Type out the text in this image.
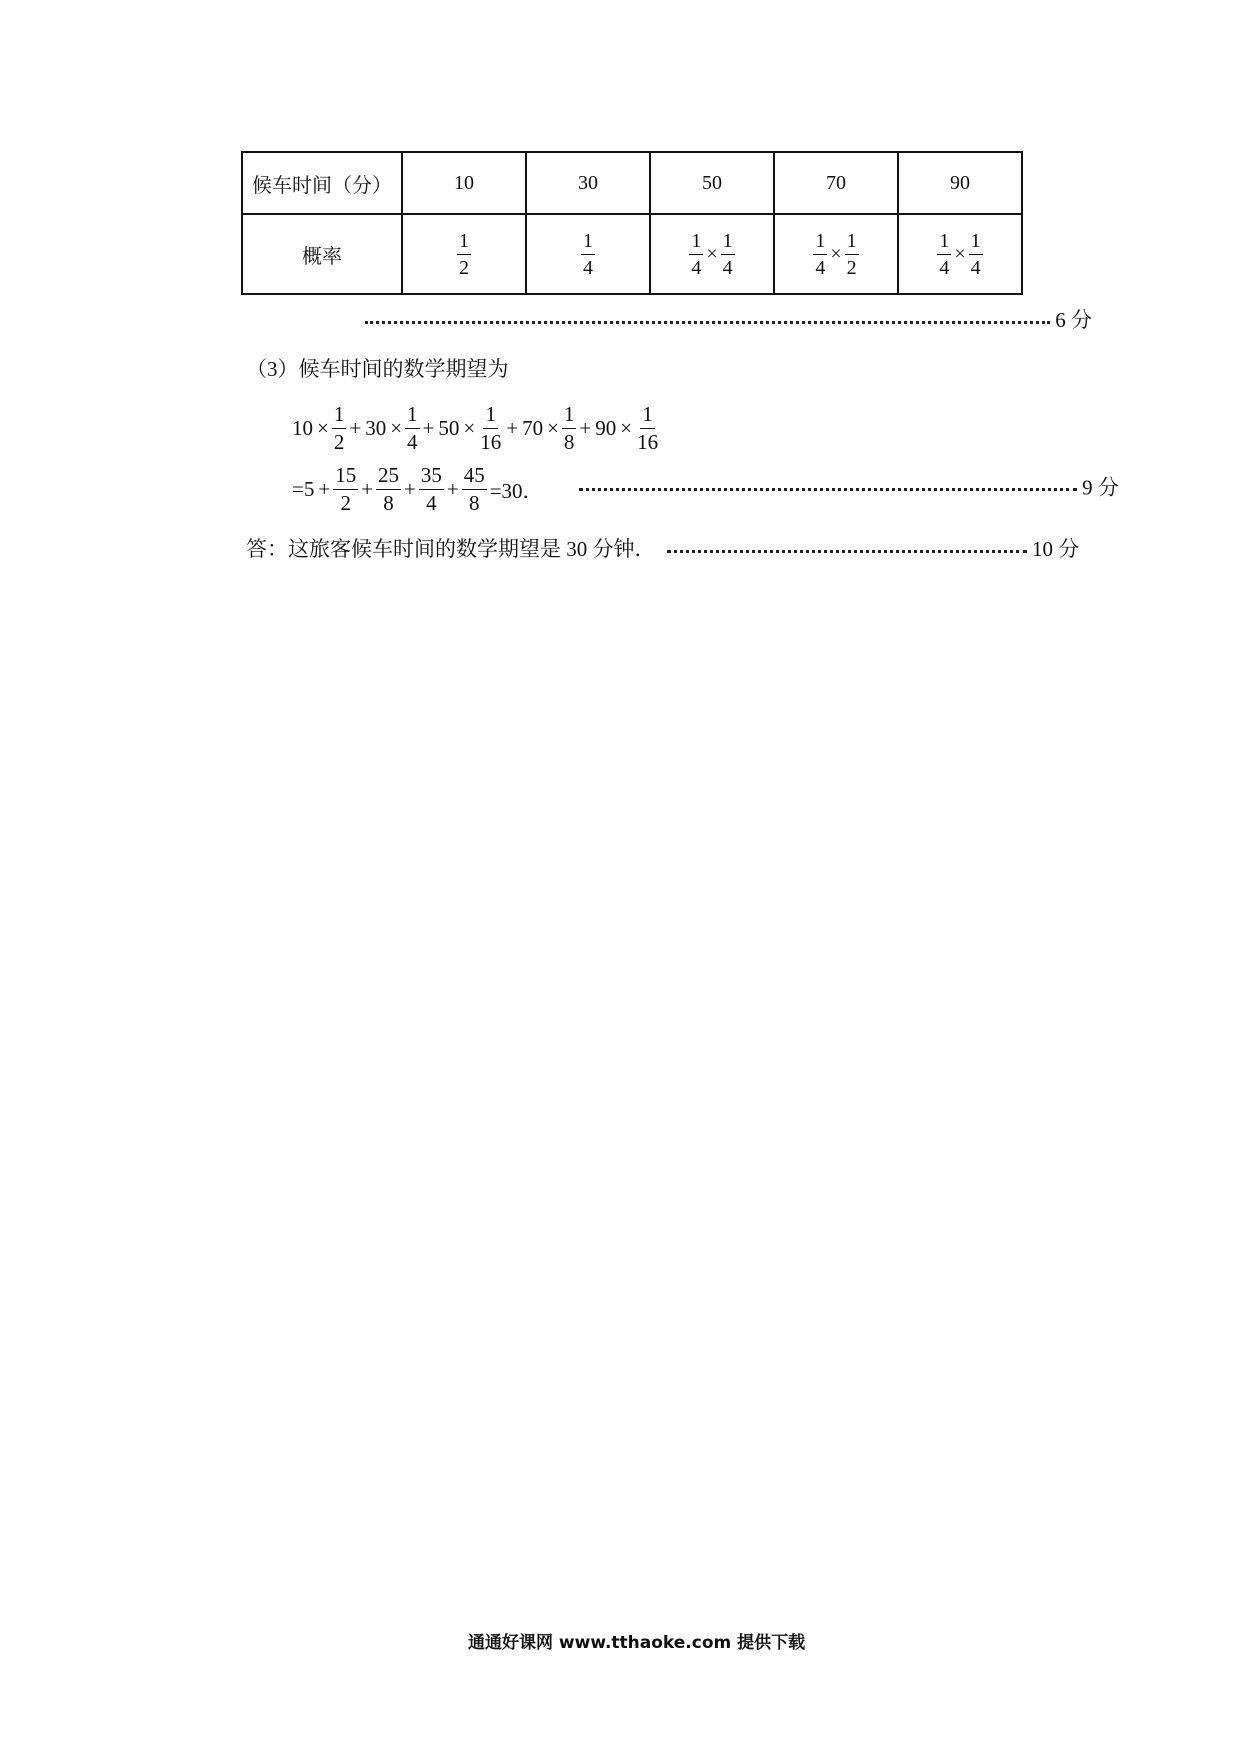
候车时间（分）	10	30	50	70	90
概率	$\frac{1}{2}$	$\frac{1}{4}$	$\frac{1}{4} \times \frac{1}{4}$	$\frac{1}{4} \times \frac{1}{2}$	$\frac{1}{4} \times \frac{1}{4}$
6 分
（3）候车时间的数学期望为
$10 \times \frac{1}{2} + 30 \times \frac{1}{4} + 50 \times \frac{1}{16} + 70 \times \frac{1}{8} + 90 \times \frac{1}{16}$
$=5 + \frac{15}{2} + \frac{25}{8} + \frac{35}{4} + \frac{45}{8} =30$．	9 分
答：这旅客候车时间的数学期望是 30 分钟．	10 分
通通好课网 www.tthaoke.com 提供下载
